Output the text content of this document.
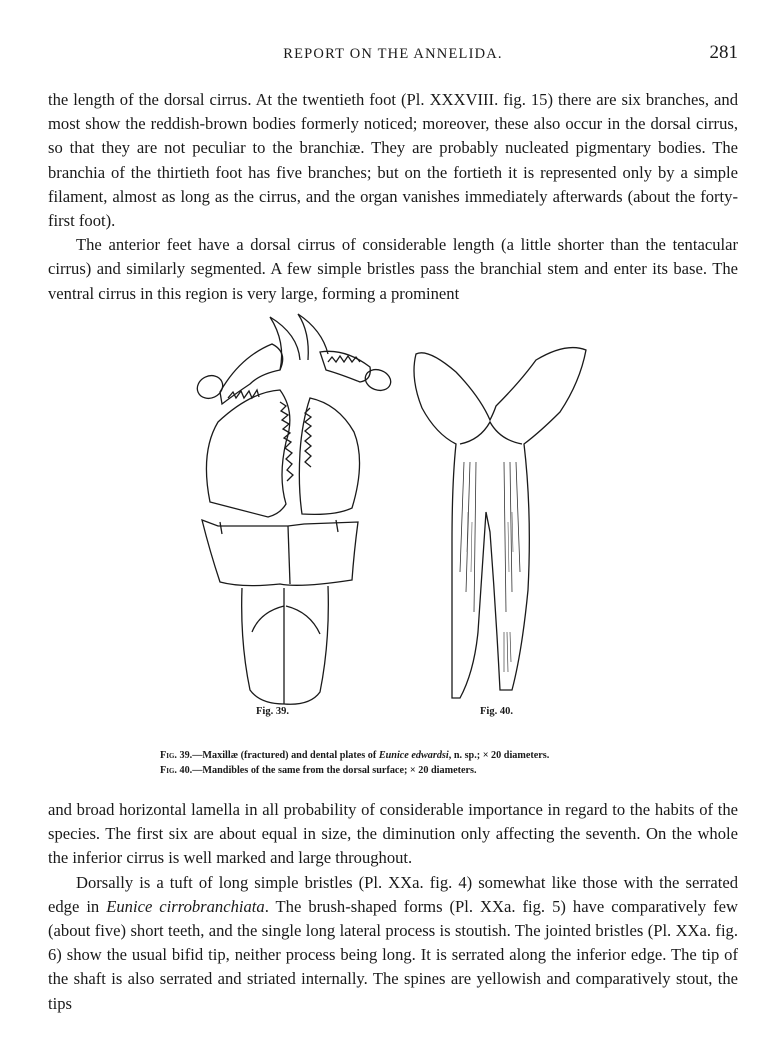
REPORT ON THE ANNELIDA.	281

the length of the dorsal cirrus. At the twentieth foot (Pl. XXXVIII. fig. 15) there are six branches, and most show the reddish-brown bodies formerly noticed; moreover, these also occur in the dorsal cirrus, so that they are not peculiar to the branchiæ. They are probably nucleated pigmentary bodies. The branchia of the thirtieth foot has five branches; but on the fortieth it is represented only by a simple filament, almost as long as the cirrus, and the organ vanishes immediately afterwards (about the forty-first foot).

The anterior feet have a dorsal cirrus of considerable length (a little shorter than the tentacular cirrus) and similarly segmented. A few simple bristles pass the branchial stem and enter its base. The ventral cirrus in this region is very large, forming a prominent

Fig. 39.	Fig. 40.
Fig. 39.—Maxillæ (fractured) and dental plates of Eunice edwardsi, n. sp.; × 20 diameters.
Fig. 40.—Mandibles of the same from the dorsal surface; × 20 diameters.

and broad horizontal lamella in all probability of considerable importance in regard to the habits of the species. The first six are about equal in size, the diminution only affecting the seventh. On the whole the inferior cirrus is well marked and large throughout.

Dorsally is a tuft of long simple bristles (Pl. XXa. fig. 4) somewhat like those with the serrated edge in Eunice cirrobranchiata. The brush-shaped forms (Pl. XXa. fig. 5) have comparatively few (about five) short teeth, and the single long lateral process is stoutish. The jointed bristles (Pl. XXa. fig. 6) show the usual bifid tip, neither process being long. It is serrated along the inferior edge. The tip of the shaft is also serrated and striated internally. The spines are yellowish and comparatively stout, the tips
